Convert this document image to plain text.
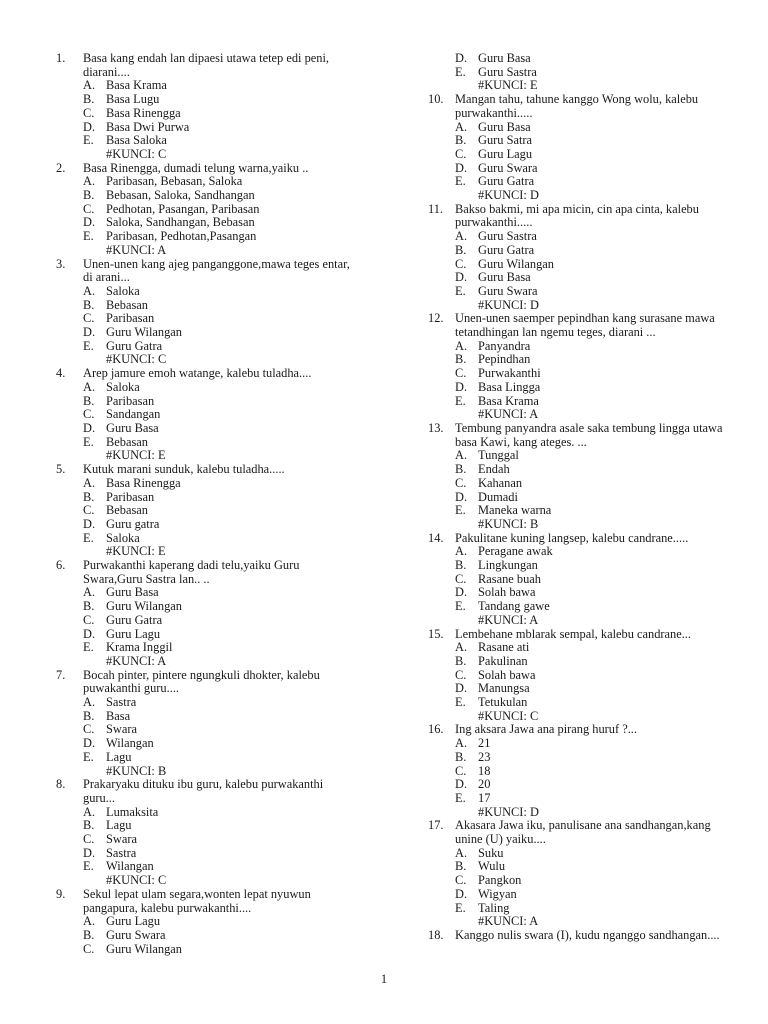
1.	Basa kang endah lan dipaesi utawa tetep edi peni, diarani....
A. Basa Krama
B. Basa Lugu
C. Basa Rinengga
D. Basa Dwi Purwa
E. Basa Saloka
#KUNCI: C
2.	Basa Rinengga, dumadi telung warna,yaiku ..
A. Paribasan, Bebasan, Saloka
B. Bebasan, Saloka, Sandhangan
C. Pedhotan, Pasangan, Paribasan
D. Saloka, Sandhangan, Bebasan
E. Paribasan, Pedhotan,Pasangan
#KUNCI: A
3.	Unen-unen kang ajeg panganggone,mawa teges entar, di arani...
A. Saloka
B. Bebasan
C. Paribasan
D. Guru Wilangan
E. Guru Gatra
#KUNCI: C
4.	Arep jamure emoh watange, kalebu tuladha....
A. Saloka
B. Paribasan
C. Sandangan
D. Guru Basa
E. Bebasan
#KUNCI: E
5.	Kutuk marani sunduk, kalebu tuladha.....
A. Basa Rinengga
B. Paribasan
C. Bebasan
D. Guru gatra
E. Saloka
#KUNCI: E
6.	Purwakanthi kaperang dadi telu,yaiku Guru Swara,Guru Sastra lan.. ..
A. Guru Basa
B. Guru Wilangan
C. Guru Gatra
D. Guru Lagu
E. Krama Inggil
#KUNCI: A
7.	Bocah pinter, pintere ngungkuli dhokter, kalebu puwakanthi guru....
A. Sastra
B. Basa
C. Swara
D. Wilangan
E. Lagu
#KUNCI: B
8.	Prakaryaku dituku ibu guru, kalebu purwakanthi guru...
A. Lumaksita
B. Lagu
C. Swara
D. Sastra
E. Wilangan
#KUNCI: C
9.	Sekul lepat ulam segara,wonten lepat nyuwun pangapura, kalebu purwakanthi....
A. Guru Lagu
B. Guru Swara
C. Guru Wilangan
D. Guru Basa
E. Guru Sastra
#KUNCI: E
10. Mangan tahu, tahune kanggo Wong wolu, kalebu purwakanthi.....
A. Guru Basa
B. Guru Satra
C. Guru Lagu
D. Guru Swara
E. Guru Gatra
#KUNCI: D
11. Bakso bakmi, mi apa micin, cin apa cinta, kalebu purwakanthi.....
A. Guru Sastra
B. Guru Gatra
C. Guru Wilangan
D. Guru Basa
E. Guru Swara
#KUNCI: D
12. Unen-unen saemper pepindhan kang surasane mawa tetandhingan lan ngemu teges, diarani ...
A. Panyandra
B. Pepindhan
C. Purwakanthi
D. Basa Lingga
E. Basa Krama
#KUNCI: A
13. Tembung panyandra asale saka tembung lingga utawa basa Kawi, kang ateges. ...
A. Tunggal
B. Endah
C. Kahanan
D. Dumadi
E. Maneka warna
#KUNCI: B
14. Pakulitane kuning langsep, kalebu candrane.....
A. Peragane awak
B. Lingkungan
C. Rasane buah
D. Solah bawa
E. Tandang gawe
#KUNCI: A
15. Lembehane mblarak sempal, kalebu candrane...
A. Rasane ati
B. Pakulinan
C. Solah bawa
D. Manungsa
E. Tetukulan
#KUNCI: C
16. Ing aksara Jawa ana pirang huruf ?...
A. 21
B. 23
C. 18
D. 20
E. 17
#KUNCI: D
17. Akasara Jawa iku, panulisane ana sandhangan,kang unine (U) yaiku....
A. Suku
B. Wulu
C. Pangkon
D. Wigyan
E. Taling
#KUNCI: A
18. Kanggo nulis swara (I), kudu nganggo sandhangan....
1
